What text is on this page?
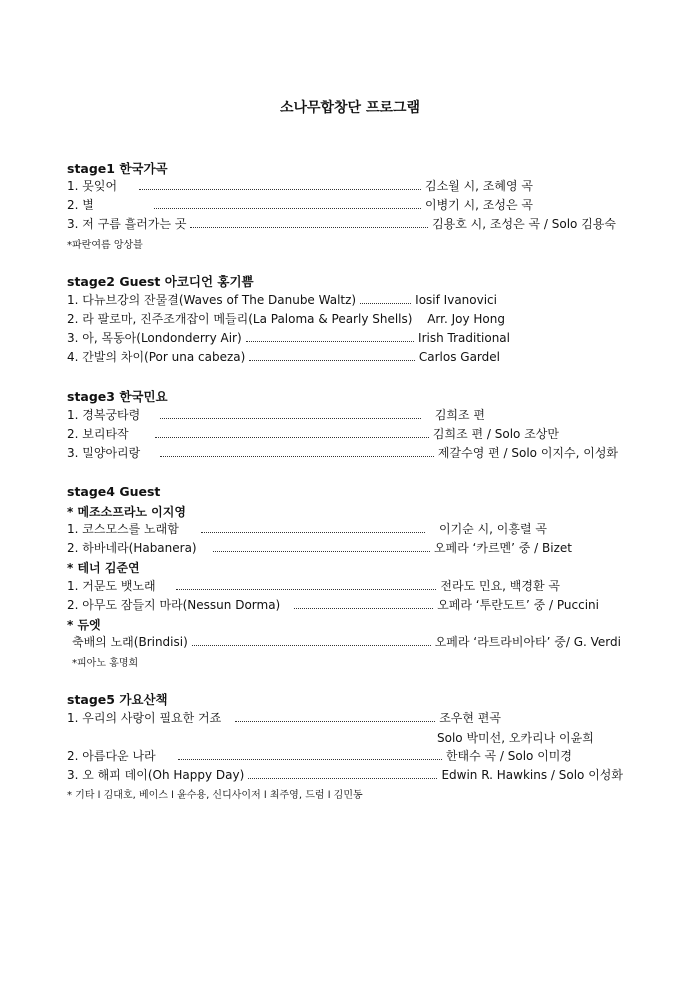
소나무합창단 프로그램
stage1 한국가곡
1. 못잊어	김소월 시, 조혜영 곡
2. 별	이병기 시, 조성은 곡
3. 저 구름 흘러가는 곳	김용호 시, 조성은 곡 / Solo 김용숙
*파란여름 앙상블
stage2 Guest 아코디언 홍기쁨
1. 다뉴브강의 잔물결(Waves of The Danube Waltz)	Iosif Ivanovici
2. 라 팔로마, 진주조개잡이 메들리(La Paloma & Pearly Shells) Arr. Joy Hong
3. 아, 목동아(Londonderry Air)	Irish Traditional
4. 간발의 차이(Por una cabeza)	Carlos Gardel
stage3 한국민요
1. 경복궁타령	김희조 편
2. 보리타작	김희조 편 / Solo 조상만
3. 밀양아리랑	제갈수영 편 / Solo 이지수, 이성화
stage4 Guest
* 메조소프라노 이지영
1. 코스모스를 노래함	이기순 시, 이흥렬 곡
2. 하바네라(Habanera)	오페라 ‘카르멘’ 중 / Bizet
* 테너 김준연
1. 거문도 뱃노래	전라도 민요, 백경환 곡
2. 아무도 잠들지 마라(Nessun Dorma)	오페라 ‘투란도트’ 중 / Puccini
* 듀엣
축배의 노래(Brindisi)	오페라 ‘라트라비아타’ 중/ G. Verdi
*피아노 홍명희
stage5 가요산책
1. 우리의 사랑이 필요한 거죠	조우현 편곡
Solo 박미선, 오카리나 이윤희
2. 아름다운 나라	한태수 곡 / Solo 이미경
3. 오 해피 데이(Oh Happy Day)	Edwin R. Hawkins / Solo 이성화
* 기타 l 김대호, 베이스 l 윤수용, 신디사이저 l 최주영, 드럼 l 김민동
